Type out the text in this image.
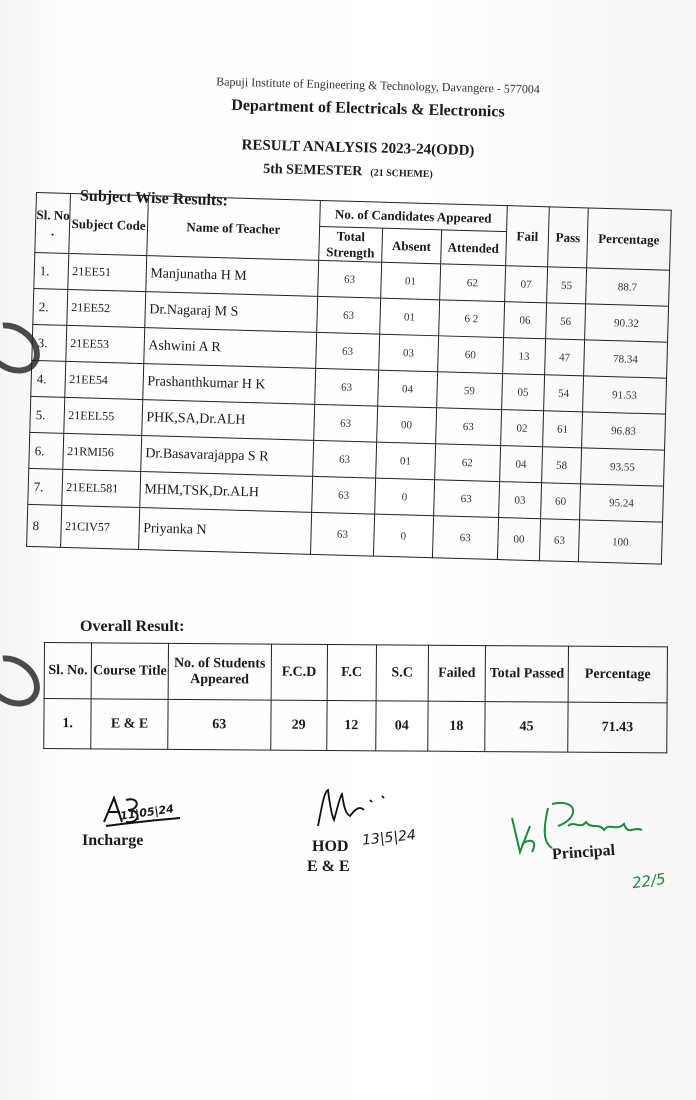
Bapuji Institute of Engineering & Technology, Davangere - 577004
Department of Electricals & Electronics
RESULT ANALYSIS 2023-24(ODD)
5th SEMESTER (21 SCHEME)
Subject Wise Results:
Sl. No .	Subject Code	Name of Teacher	No. of Candidates Appeared			Fail	Pass	Percentage
			Total Strength	Absent	Attended			
1.	21EE51	Manjunatha H M	63	01	62	07	55	88.7
2.	21EE52	Dr.Nagaraj M S	63	01	6 2	06	56	90.32
3.	21EE53	Ashwini A R	63	03	60	13	47	78.34
4.	21EE54	Prashanthkumar H K	63	04	59	05	54	91.53
5.	21EEL55	PHK,SA,Dr.ALH	63	00	63	02	61	96.83
6.	21RMI56	Dr.Basavarajappa S R	63	01	62	04	58	93.55
7.	21EEL581	MHM,TSK,Dr.ALH	63	0	63	03	60	95.24
8	21CIV57	Priyanka N	63	0	63	00	63	100
Overall Result:
Sl. No.	Course Title	No. of Students Appeared	F.C.D	F.C	S.C	Failed	Total Passed	Percentage
1.	E & E	63	29	12	04	18	45	71.43
11|05|24
Incharge	HOD 13|5|24
E & E
Principal
22/5
